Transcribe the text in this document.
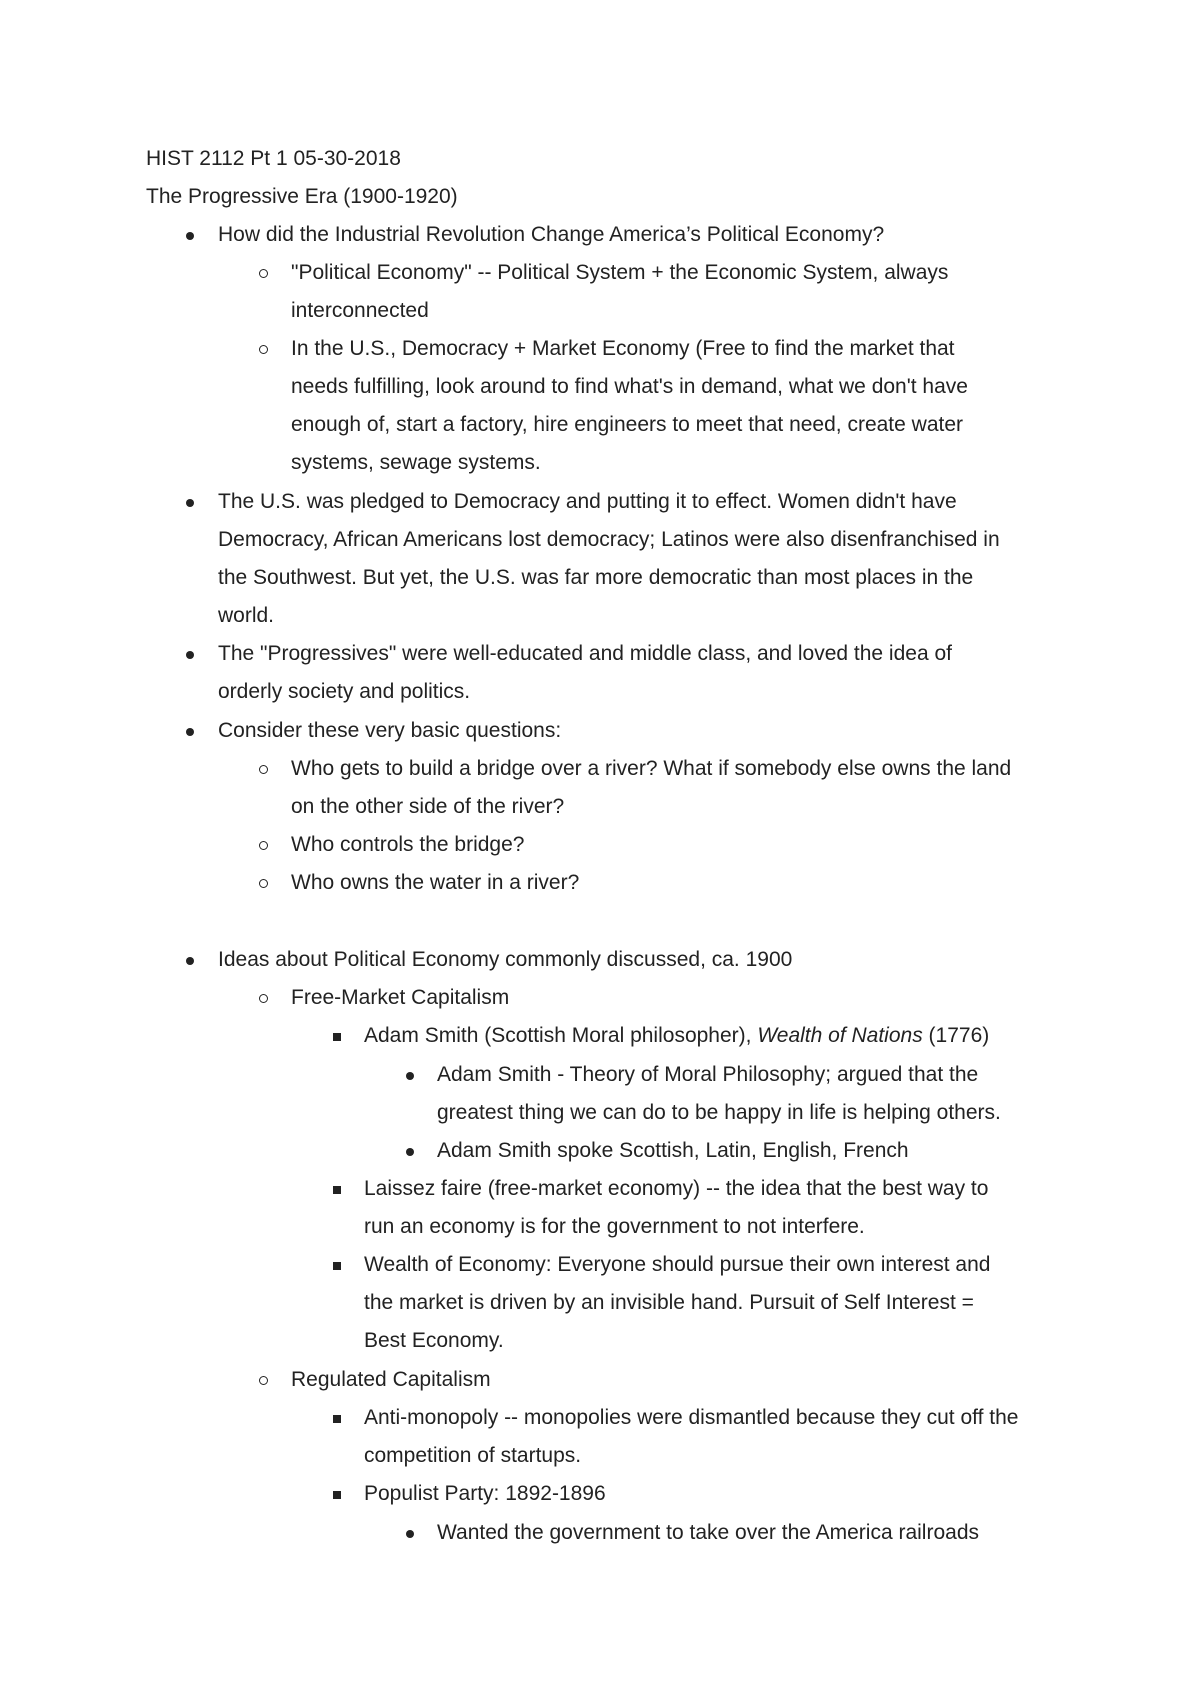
HIST 2112 Pt 1 05-30-2018
The Progressive Era (1900-1920)
How did the Industrial Revolution Change America’s Political Economy?
"Political Economy" -- Political System + the Economic System, always
interconnected
In the U.S., Democracy + Market Economy (Free to find the market that
needs fulfilling, look around to find what's in demand, what we don't have
enough of, start a factory, hire engineers to meet that need, create water
systems, sewage systems.
The U.S. was pledged to Democracy and putting it to effect. Women didn't have
Democracy, African Americans lost democracy; Latinos were also disenfranchised in
the Southwest. But yet, the U.S. was far more democratic than most places in the
world.
The "Progressives" were well-educated and middle class, and loved the idea of
orderly society and politics.
Consider these very basic questions:
Who gets to build a bridge over a river? What if somebody else owns the land
on the other side of the river?
Who controls the bridge?
Who owns the water in a river?
Ideas about Political Economy commonly discussed, ca. 1900
Free-Market Capitalism
Adam Smith (Scottish Moral philosopher), Wealth of Nations (1776)
Adam Smith - Theory of Moral Philosophy; argued that the
greatest thing we can do to be happy in life is helping others.
Adam Smith spoke Scottish, Latin, English, French
Laissez faire (free-market economy) -- the idea that the best way to
run an economy is for the government to not interfere.
Wealth of Economy: Everyone should pursue their own interest and
the market is driven by an invisible hand. Pursuit of Self Interest =
Best Economy.
Regulated Capitalism
Anti-monopoly -- monopolies were dismantled because they cut off the
competition of startups.
Populist Party: 1892-1896
Wanted the government to take over the America railroads
